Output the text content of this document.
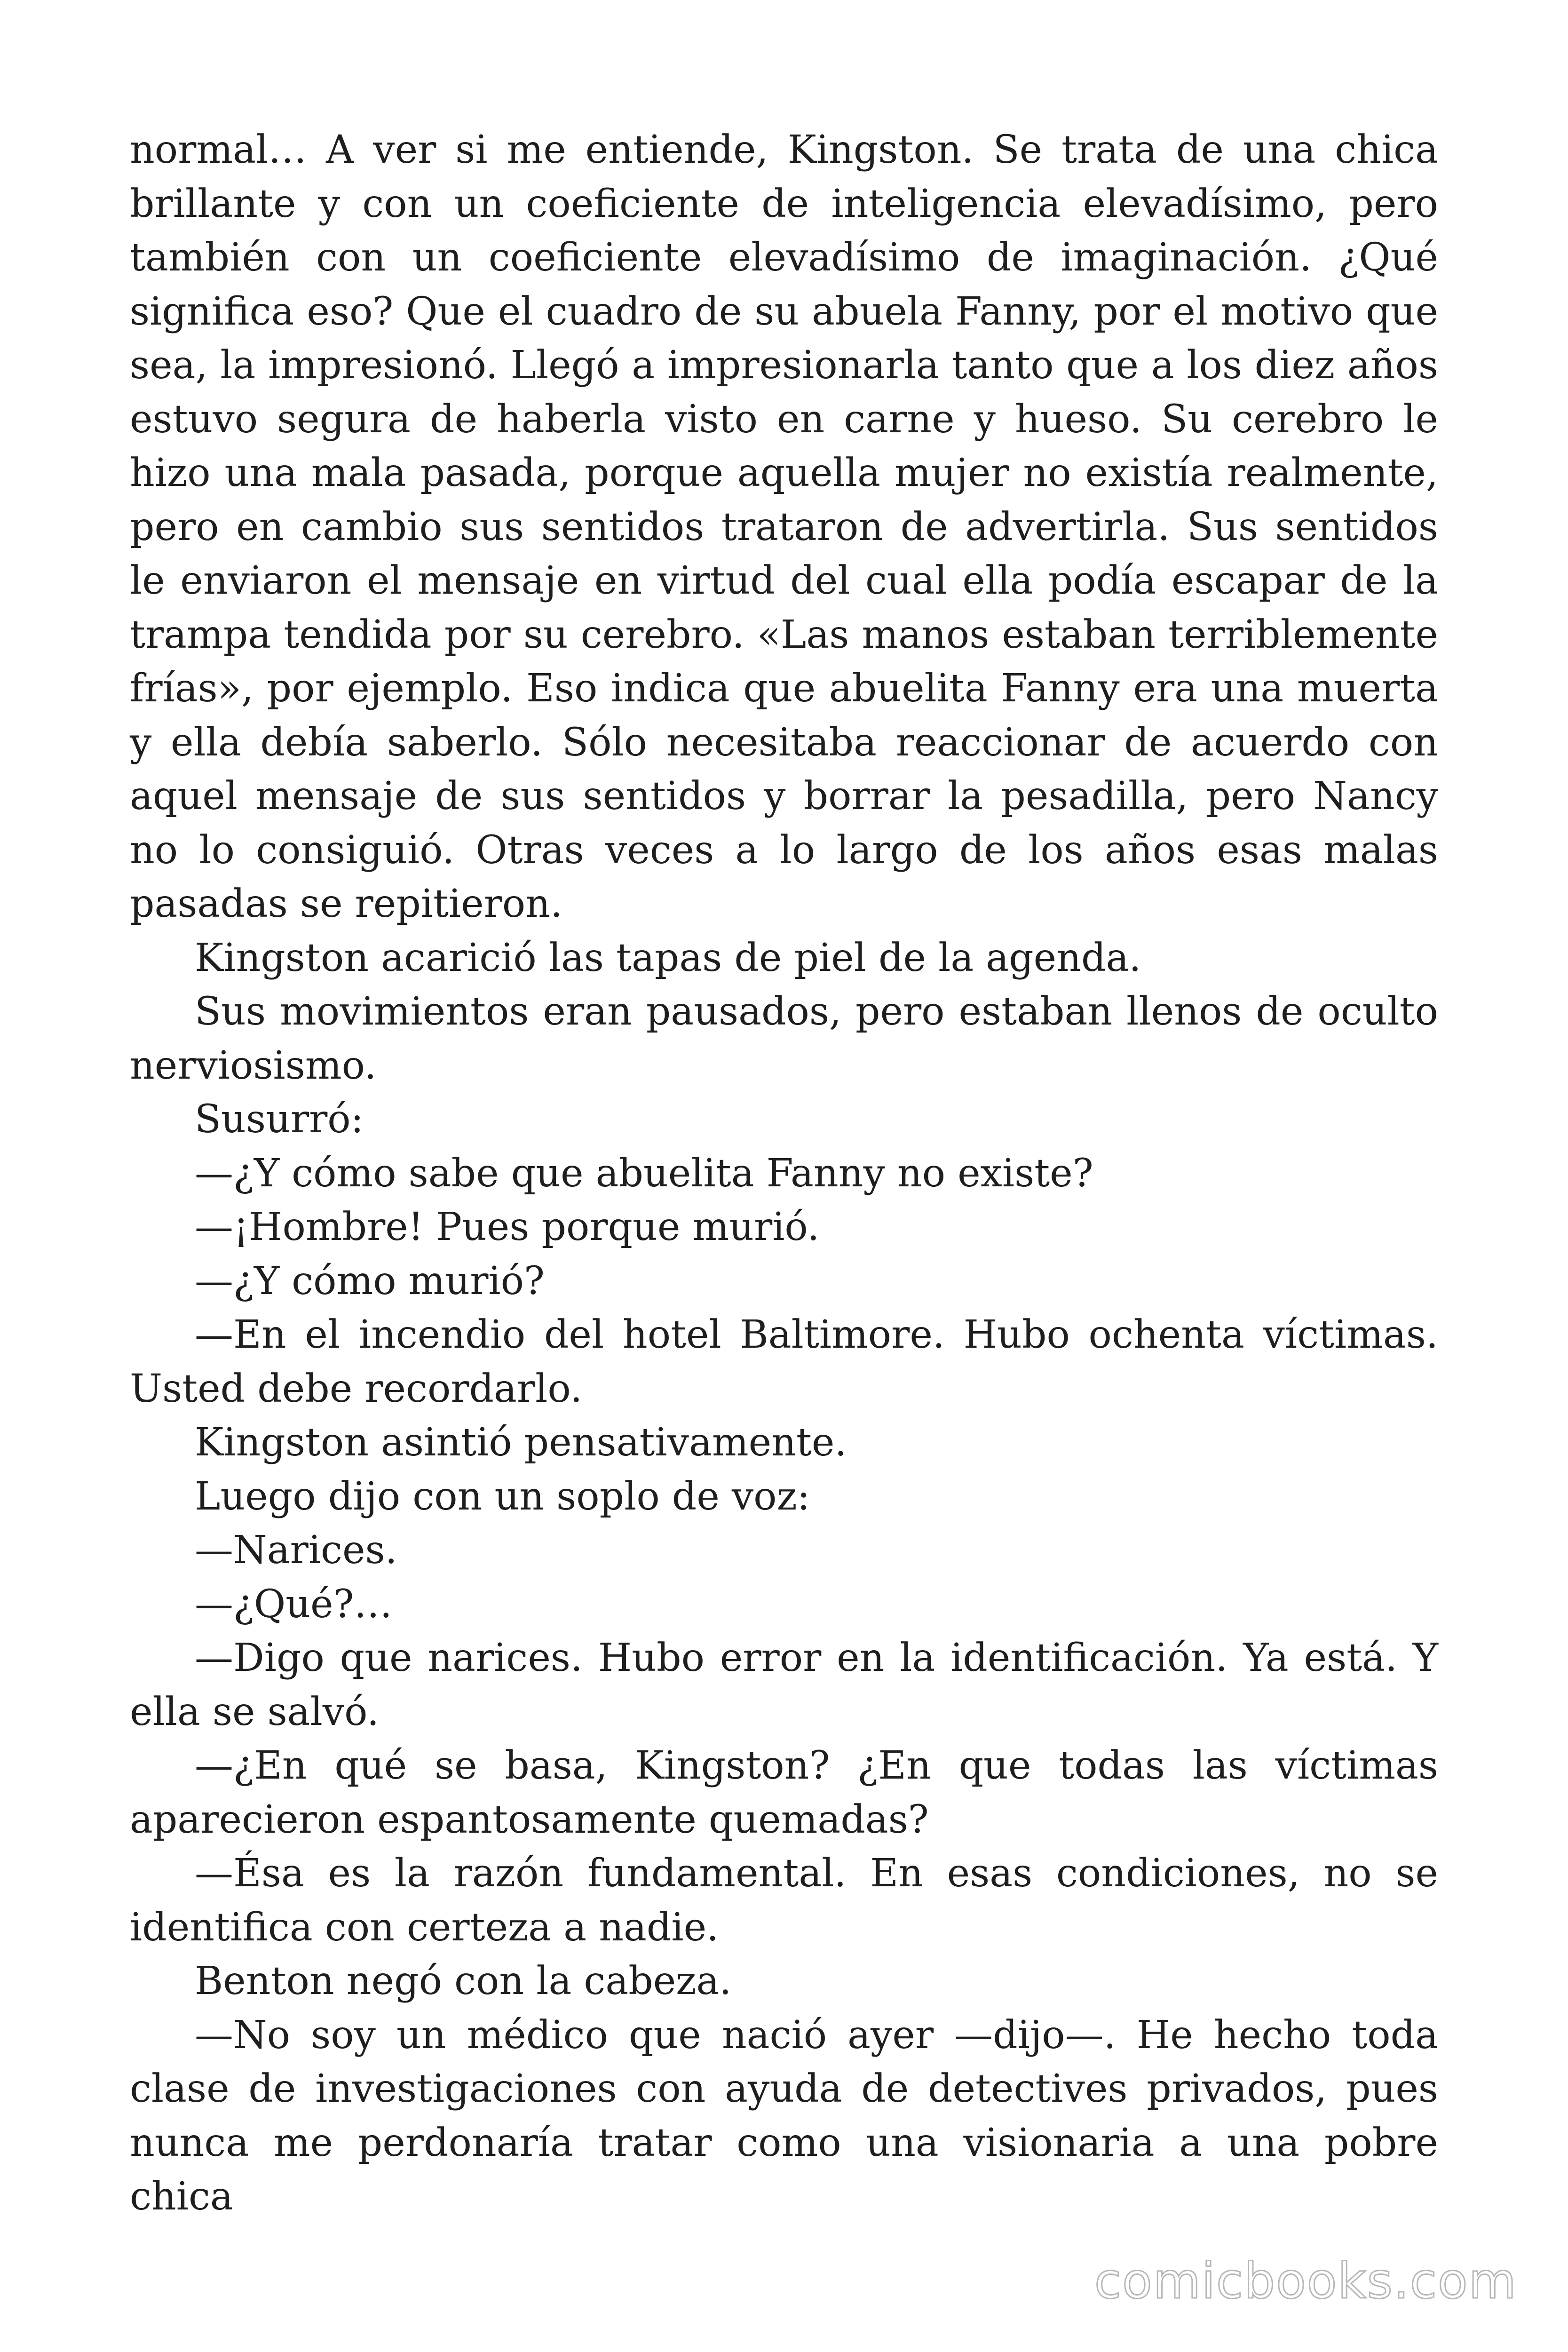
normal… A ver si me entiende, Kingston. Se trata de una chica brillante y con un coeficiente de inteligencia elevadísimo, pero también con un coeficiente elevadísimo de imaginación. ¿Qué significa eso? Que el cuadro de su abuela Fanny, por el motivo que sea, la impresionó. Llegó a impresionarla tanto que a los diez años estuvo segura de haberla visto en carne y hueso. Su cerebro le hizo una mala pasada, porque aquella mujer no existía realmente, pero en cambio sus sentidos trataron de advertirla. Sus sentidos le enviaron el mensaje en virtud del cual ella podía escapar de la trampa tendida por su cerebro. «Las manos estaban terriblemente frías», por ejemplo. Eso indica que abuelita Fanny era una muerta y ella debía saberlo. Sólo necesitaba reaccionar de acuerdo con aquel mensaje de sus sentidos y borrar la pesadilla, pero Nancy no lo consiguió. Otras veces a lo largo de los años esas malas pasadas se repitieron.

Kingston acarició las tapas de piel de la agenda.

Sus movimientos eran pausados, pero estaban llenos de oculto nerviosismo.

Susurró:

—¿Y cómo sabe que abuelita Fanny no existe?

—¡Hombre! Pues porque murió.

—¿Y cómo murió?

—En el incendio del hotel Baltimore. Hubo ochenta víctimas. Usted debe recordarlo.

Kingston asintió pensativamente.

Luego dijo con un soplo de voz:

—Narices.

—¿Qué?…

—Digo que narices. Hubo error en la identificación. Ya está. Y ella se salvó.

—¿En qué se basa, Kingston? ¿En que todas las víctimas aparecieron espantosamente quemadas?

—Ésa es la razón fundamental. En esas condiciones, no se identifica con certeza a nadie.

Benton negó con la cabeza.

—No soy un médico que nació ayer —dijo—. He hecho toda clase de investigaciones con ayuda de detectives privados, pues nunca me perdonaría tratar como una visionaria a una pobre chica

comicbooks.com
